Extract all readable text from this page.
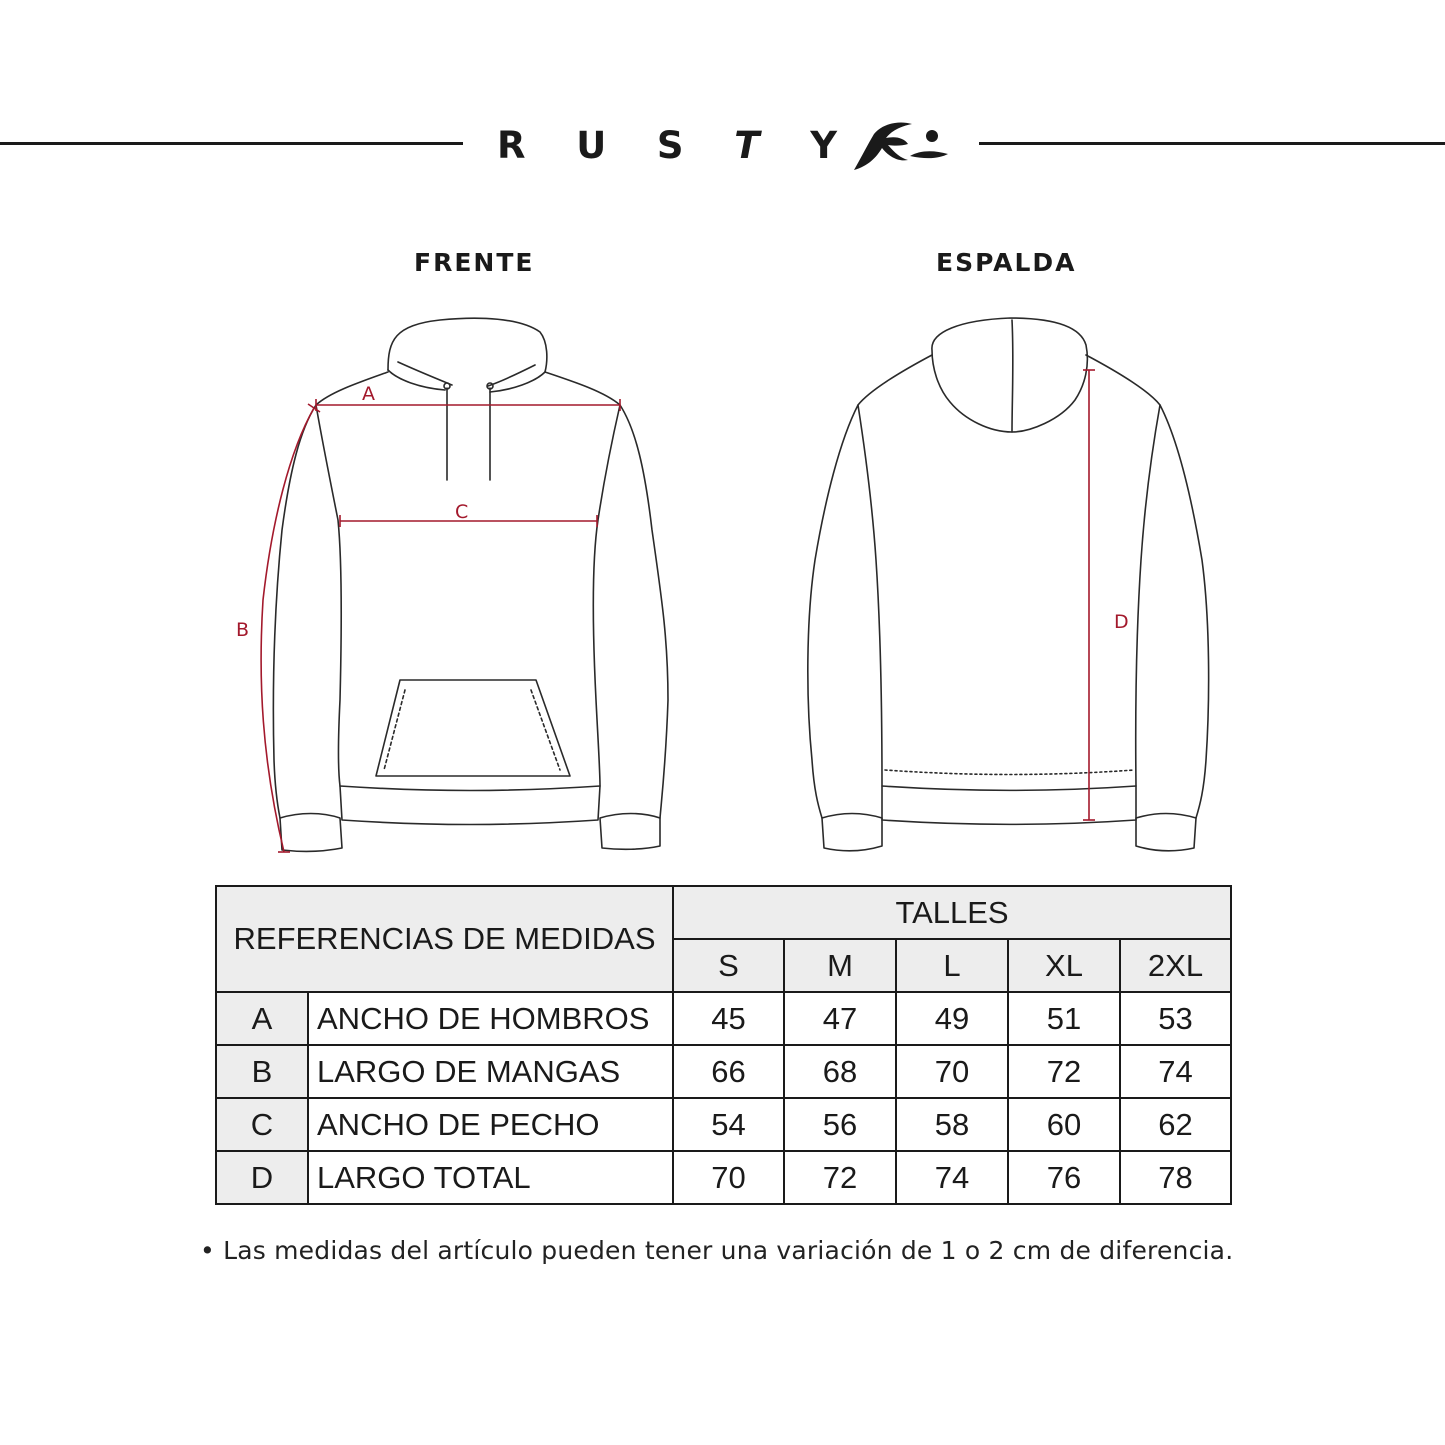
R U S T Y
FRENTE	ESPALDA
A
C
B	D
REFERENCIAS DE MEDIDAS		TALLES				
		S	M	L	XL	2XL
A	ANCHO DE HOMBROS	45	47	49	51	53
B	LARGO DE MANGAS	66	68	70	72	74
C	ANCHO DE PECHO	54	56	58	60	62
D	LARGO TOTAL	70	72	74	76	78
• Las medidas del artículo pueden tener una variación de 1 o 2 cm de diferencia.
